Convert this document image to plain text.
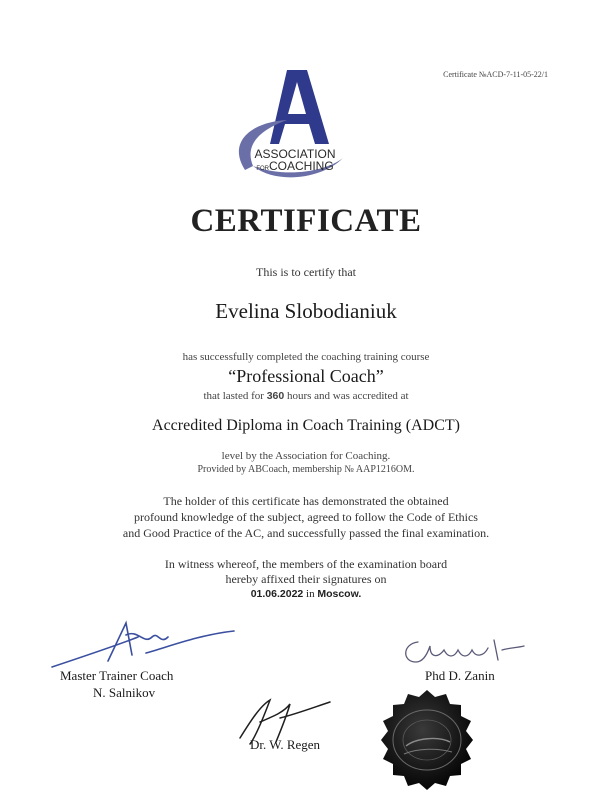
Certificate №ACD-7-11-05-22/1
ASSOCIATION
FORCOACHING
CERTIFICATE
This is to certify that
Evelina Slobodianiuk
has successfully completed the coaching training course
“Professional Coach”
that lasted for 360 hours and was accredited at
Accredited Diploma in Coach Training (ADCT)
level by the Association for Coaching.
Provided by ABCoach, membership № AAP1216OM.
The holder of this certificate has demonstrated the obtained
profound knowledge of the subject, agreed to follow the Code of Ethics
and Good Practice of the AC, and successfully passed the final examination.
In witness whereof, the members of the examination board
hereby affixed their signatures on
01.06.2022 in Moscow.
Master Trainer Coach
N. Salnikov
Phd D. Zanin
Dr. W. Regen
